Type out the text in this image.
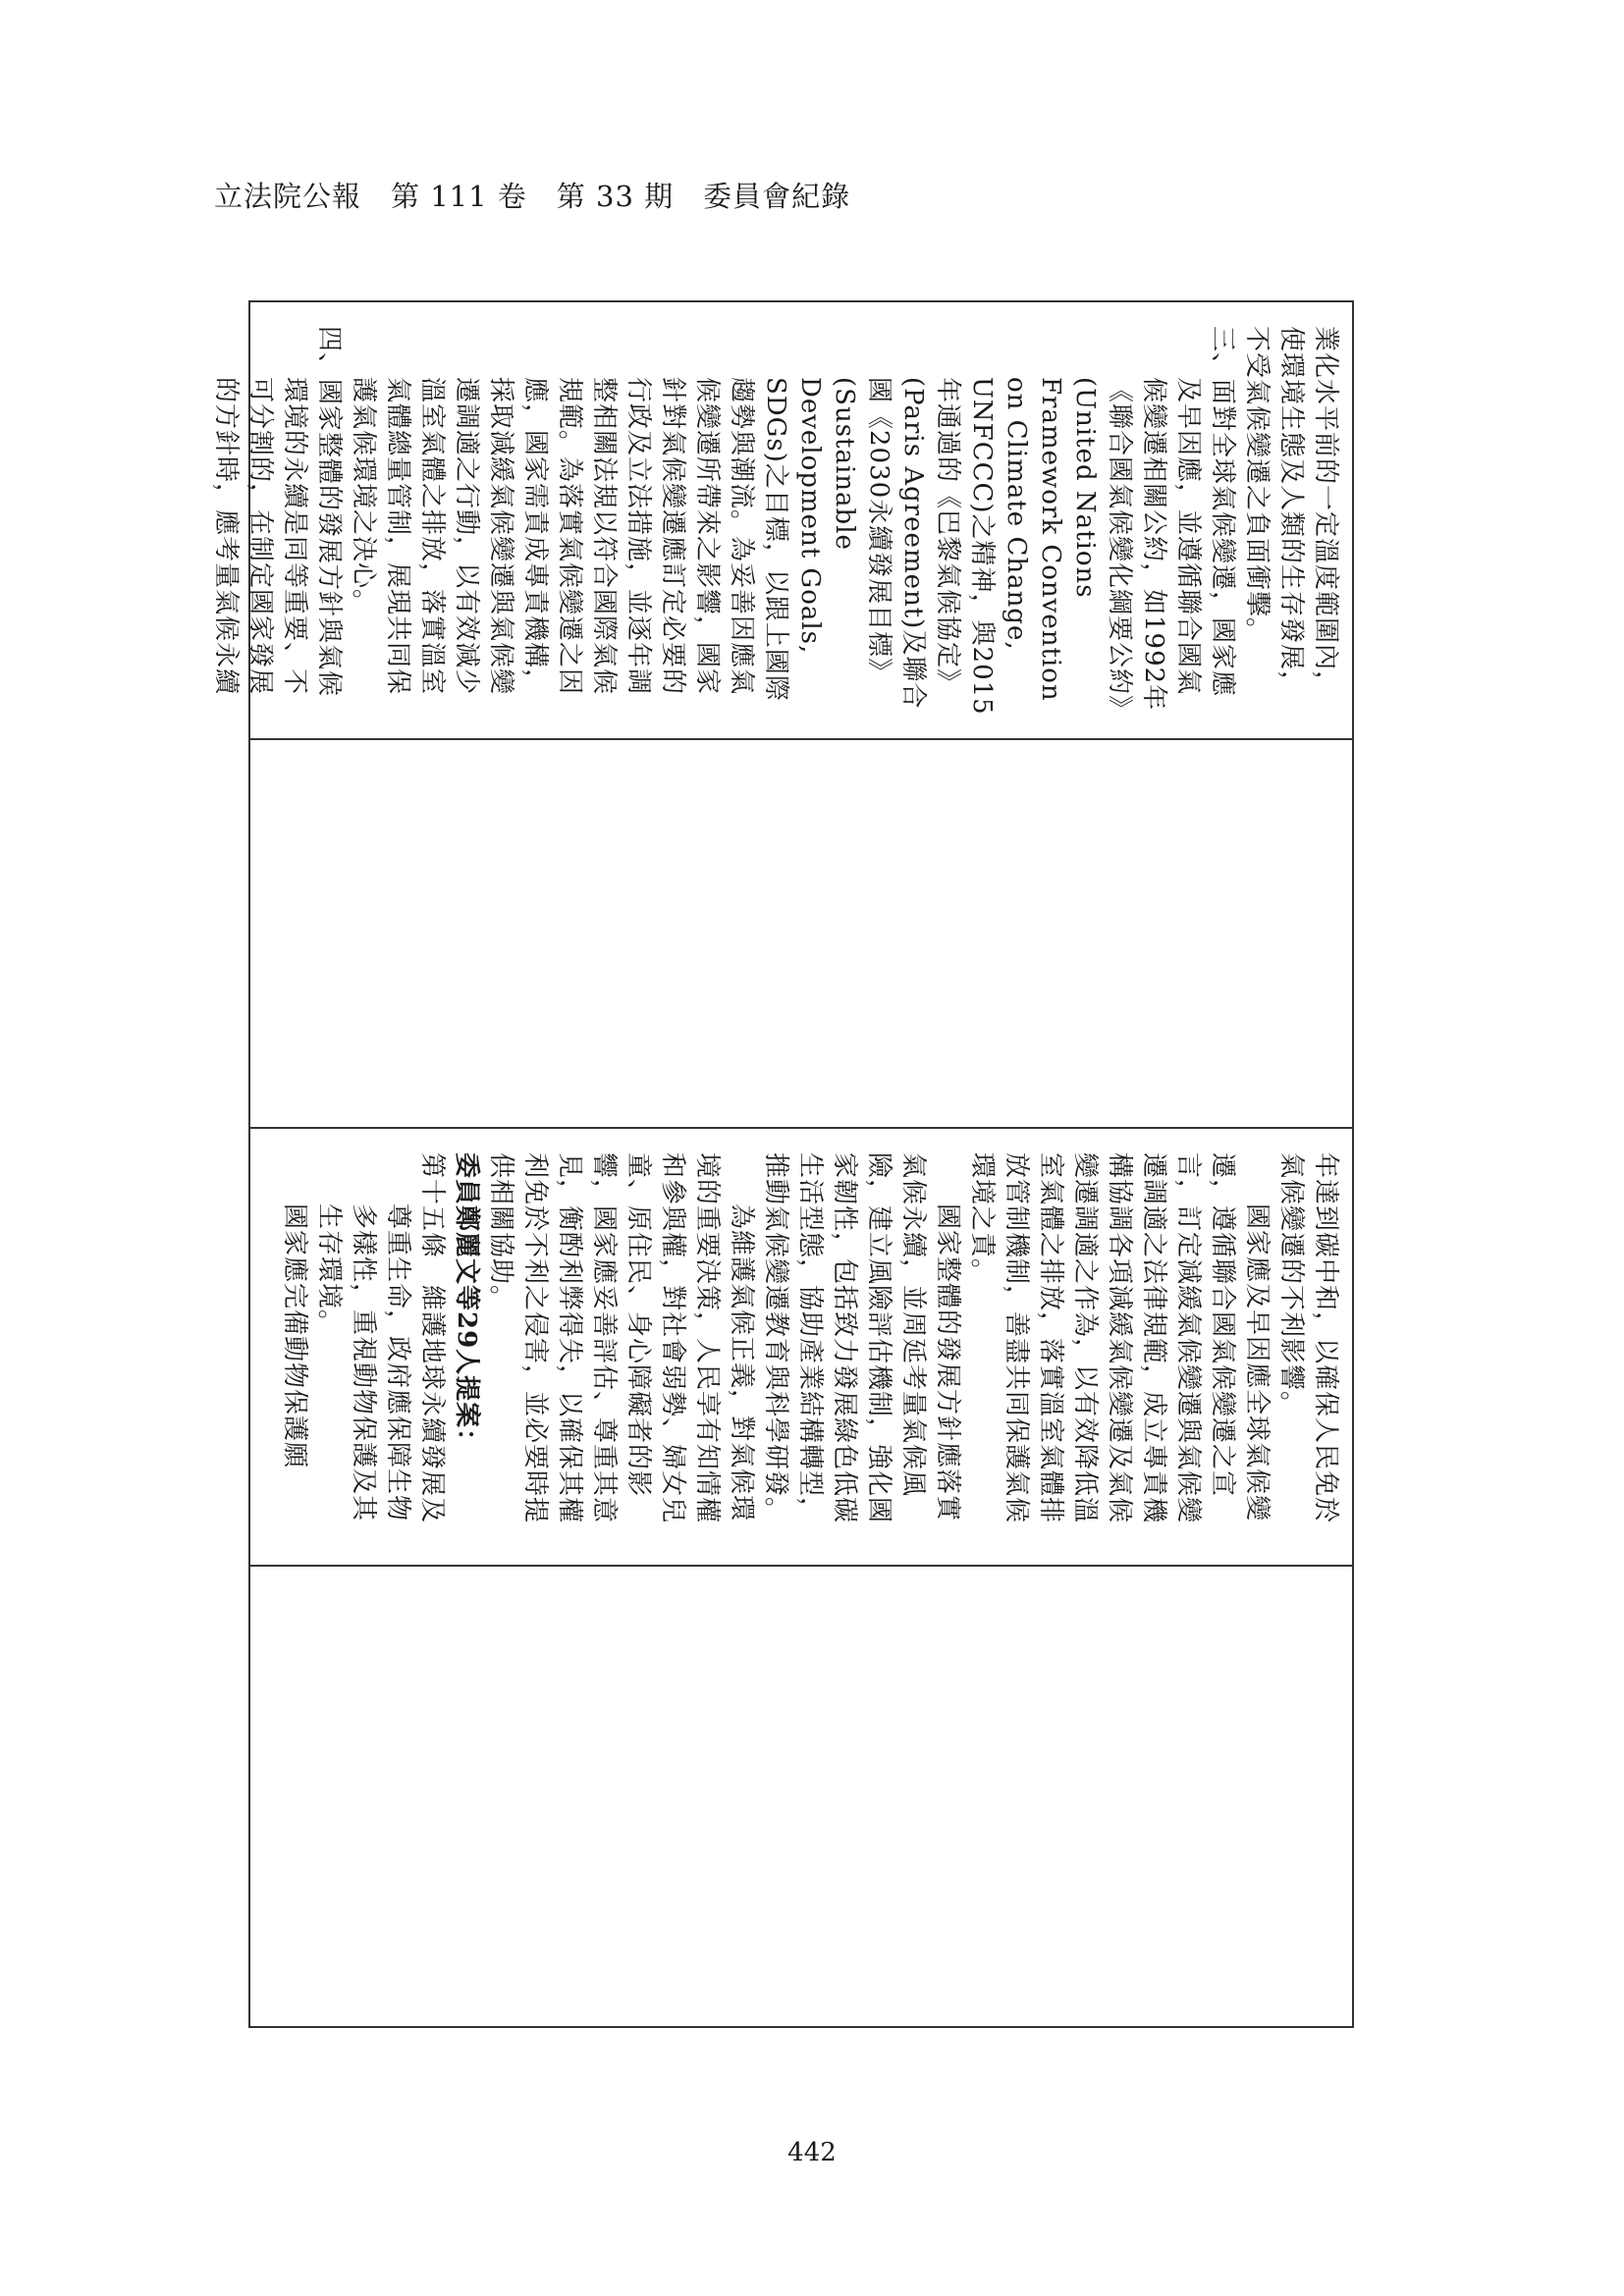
立法院公報　第 111 卷　第 33 期　委員會紀錄

業化水平前的一定溫度範圍內，使環境生態及人類的生存發展，不受氣候變遷之負面衝擊。

三、面對全球氣候變遷，國家應及早因應，並遵循聯合國氣候變遷相關公約，如1992年《聯合國氣候變化綱要公約》(United Nations Framework Convention on Climate Change, UNFCCC)之精神，與2015年通過的《巴黎氣候協定》(Paris Agreement)及聯合國《2030永續發展目標》(Sustainable Development Goals, SDGs)之目標，以跟上國際趨勢與潮流。為妥善因應氣候變遷所帶來之影響，國家針對氣候變遷應訂定必要的行政及立法措施，並逐年調整相關法規以符合國際氣候規範。為落實氣候變遷之因應，國家需責成專責機構，採取減緩氣候變遷與氣候變遷調適之行動，以有效減少溫室氣體之排放，落實溫室氣體總量管制，展現共同保護氣候環境之決心。

四、國家整體的發展方針與氣候環境的永續是同等重要、不可分割的，在制定國家發展的方針時，應考量氣候永續

年達到碳中和，以確保人民免於氣候變遷的不利影響。

國家應及早因應全球氣候變遷，遵循聯合國氣候變遷之宣言，訂定減緩氣候變遷與氣候變遷調適之法律規範，成立專責機構協調各項減緩氣候變遷及氣候變遷調適之作為，以有效降低溫室氣體之排放，落實溫室氣體排放管制機制，善盡共同保護氣候環境之責。

國家整體的發展方針應落實氣候永續，並周延考量氣候風險，建立風險評估機制，強化國家韌性，包括致力發展綠色低碳生活型態，協助產業結構轉型，推動氣候變遷教育與科學研發。

為維護氣候正義，對氣候環境的重要決策，人民享有知情權和參與權，對社會弱勢、婦女兒童、原住民、身心障礙者的影響，國家應妥善評估、尊重其意見，衡酌利弊得失，以確保其權利免於不利之侵害，並必要時提供相關協助。

委員鄭麗文等29人提案：

第十五條　維護地球永續發展及尊重生命，政府應保障生物多樣性，重視動物保護及其生存環境。

國家應完備動物保護願

442
